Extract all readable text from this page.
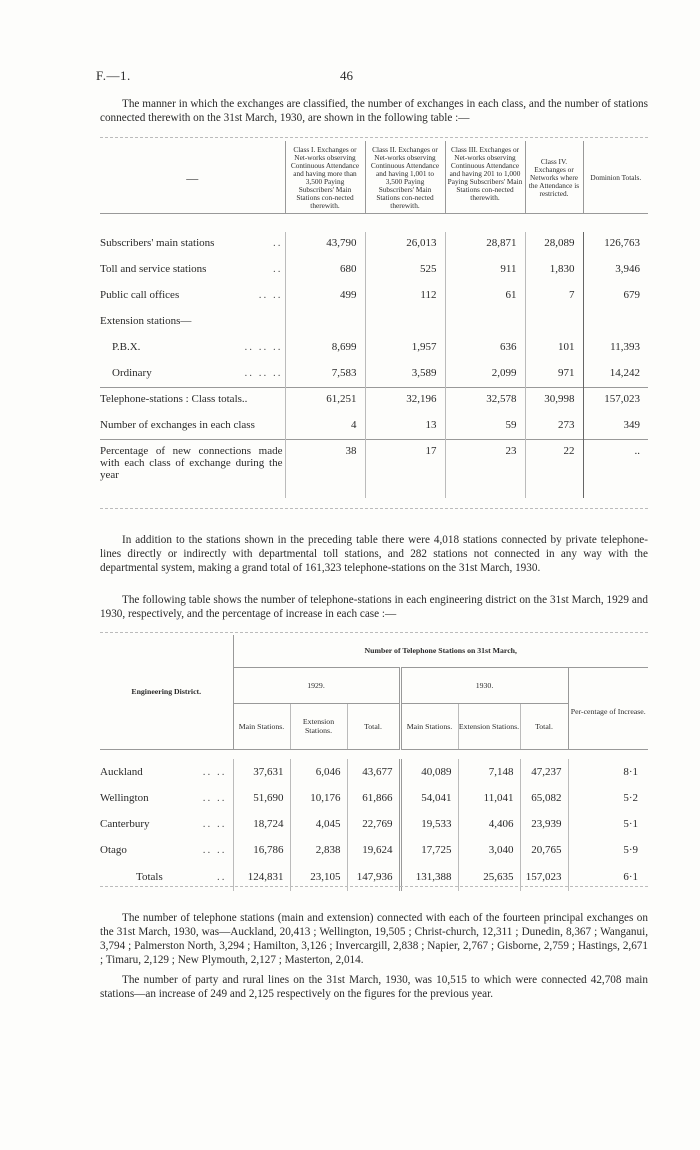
F.—1.	46

The manner in which the exchanges are classified, the number of exchanges in each class, and the number of stations connected therewith on the 31st March, 1930, are shown in the following table :—

—	Class I. Exchanges or Net-works observing Continuous Attendance and having more than 3,500 Paying Subscribers' Main Stations con-nected therewith.	Class II. Exchanges or Net-works observing Continuous Attendance and having 1,001 to 3,500 Paying Subscribers' Main Stations con-nected therewith.	Class III. Exchanges or Net-works observing Continuous Attendance and having 201 to 1,000 Paying Subscribers' Main Stations con-nected therewith.	Class IV. Exchanges or Networks where the Attendance is restricted.	Dominion Totals.

Subscribers' main stations ..	43,790	26,013	28,871	28,089	126,763
Toll and service stations ..	680	525	911	1,830	3,946
Public call offices .. ..	499	112	61	7	679
Extension stations—					
P.B.X. .. .. ..	8,699	1,957	636	101	11,393
Ordinary .. .. ..	7,583	3,589	2,099	971	14,242
Telephone-stations : Class totals..	61,251	32,196	32,578	30,998	157,023
Number of exchanges in each class	4	13	59	273	349
Percentage of new connections made with each class of exchange during the year	38	17	23	22	..

In addition to the stations shown in the preceding table there were 4,018 stations connected by private telephone-lines directly or indirectly with departmental toll stations, and 282 stations not connected in any way with the departmental system, making a grand total of 161,323 telephone-stations on the 31st March, 1930.

The following table shows the number of telephone-stations in each engineering district on the 31st March, 1929 and 1930, respectively, and the percentage of increase in each case :—

Engineering District.	Number of Telephone Stations on 31st March,						
	1929.			1930.			Per-centage of Increase.
	Main Stations.	Extension Stations.	Total.	Main Stations.	Extension Stations.	Total.	

Auckland .. ..	37,631	6,046	43,677	40,089	7,148	47,237	8·1
Wellington .. ..	51,690	10,176	61,866	54,041	11,041	65,082	5·2
Canterbury .. ..	18,724	4,045	22,769	19,533	4,406	23,939	5·1
Otago .. ..	16,786	2,838	19,624	17,725	3,040	20,765	5·9
Totals ..	124,831	23,105	147,936	131,388	25,635	157,023	6·1

The number of telephone stations (main and extension) connected with each of the fourteen principal exchanges on the 31st March, 1930, was—Auckland, 20,413 ; Wellington, 19,505 ; Christ-church, 12,311 ; Dunedin, 8,367 ; Wanganui, 3,794 ; Palmerston North, 3,294 ; Hamilton, 3,126 ; Invercargill, 2,838 ; Napier, 2,767 ; Gisborne, 2,759 ; Hastings, 2,671 ; Timaru, 2,129 ; New Plymouth, 2,127 ; Masterton, 2,014.

The number of party and rural lines on the 31st March, 1930, was 10,515 to which were connected 42,708 main stations—an increase of 249 and 2,125 respectively on the figures for the previous year.
